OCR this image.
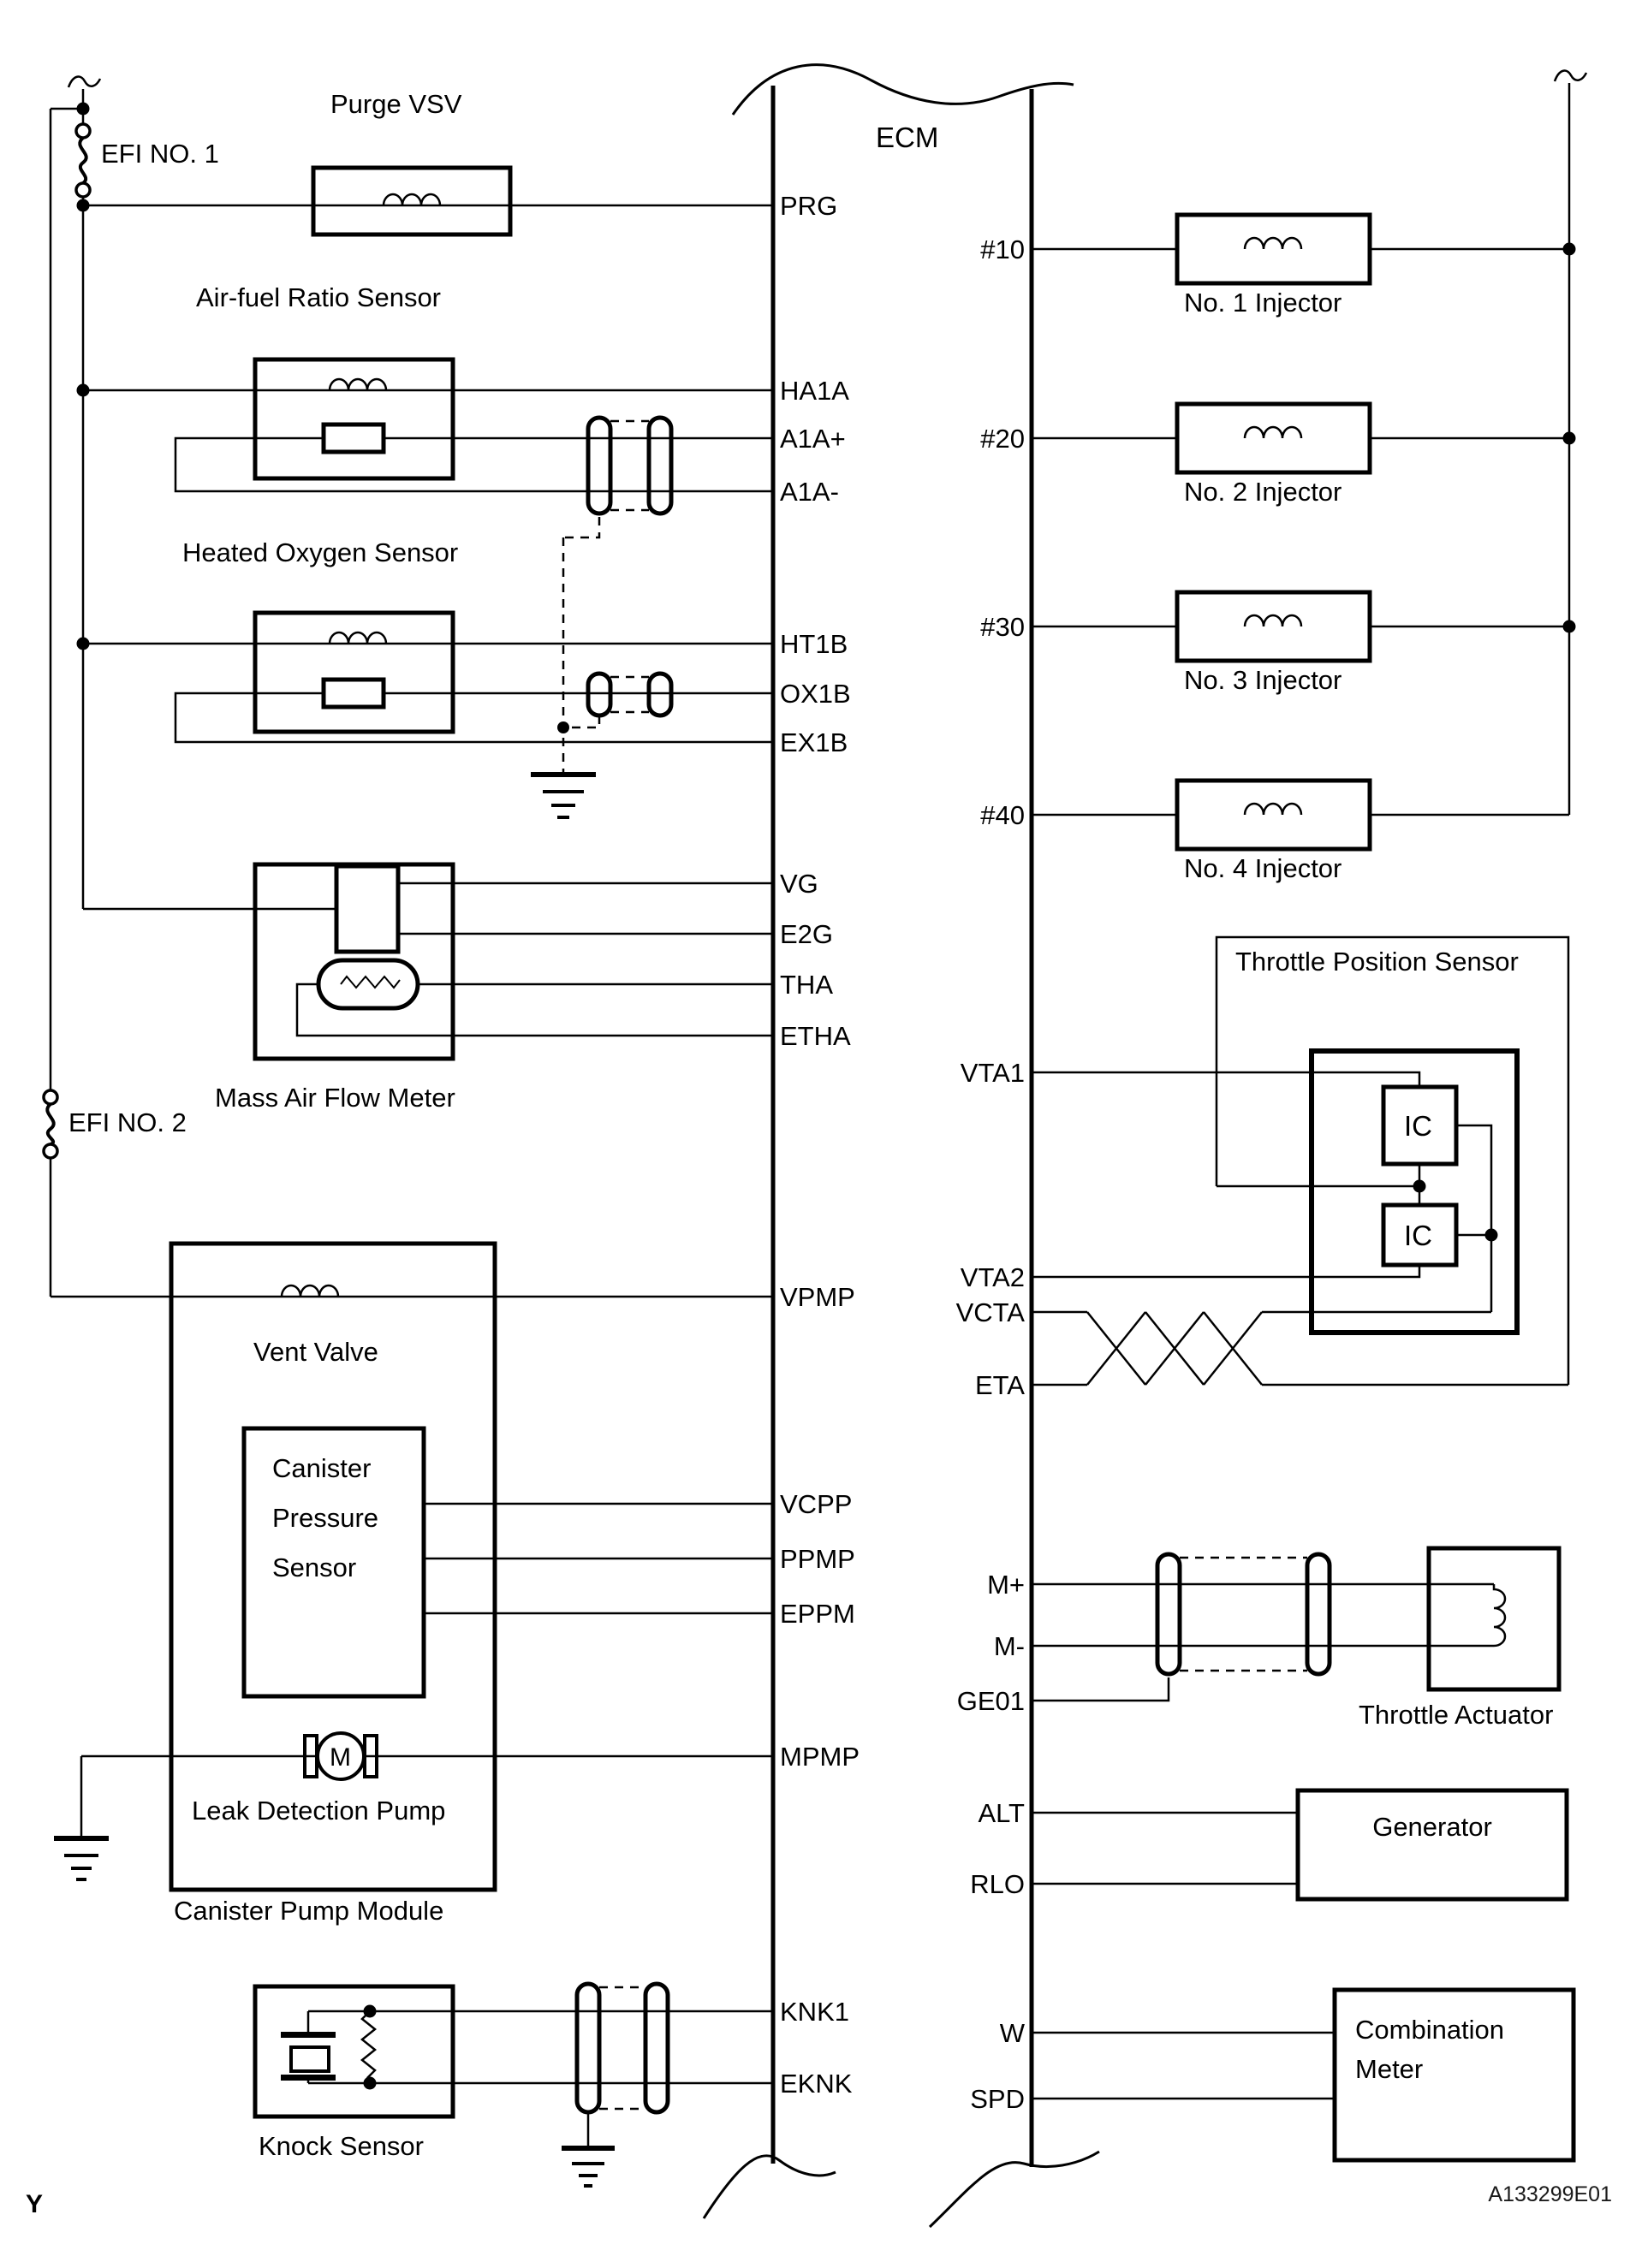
ECM
EFI NO. 1
EFI NO. 2
Purge VSV
Air-fuel Ratio Sensor
Heated Oxygen Sensor
Mass Air Flow Meter
M
Vent Valve
Canister
Pressure
Sensor
Leak Detection Pump
Canister Pump Module
Knock Sensor
No. 1 Injector
No. 2 Injector
No. 3 Injector
No. 4 Injector
Throttle Position Sensor
IC
IC
Throttle Actuator
Generator
Combination
Meter
PRG
HA1A
A1A+
A1A-
HT1B
OX1B
EX1B
VG
E2G
THA
ETHA
VPMP
VCPP
PPMP
EPPM
MPMP
KNK1
EKNK
#10
#20
#30
#40
VTA1
VTA2
VCTA
ETA
M+
M-
GE01
ALT
RLO
W
SPD
Y	A133299E01
